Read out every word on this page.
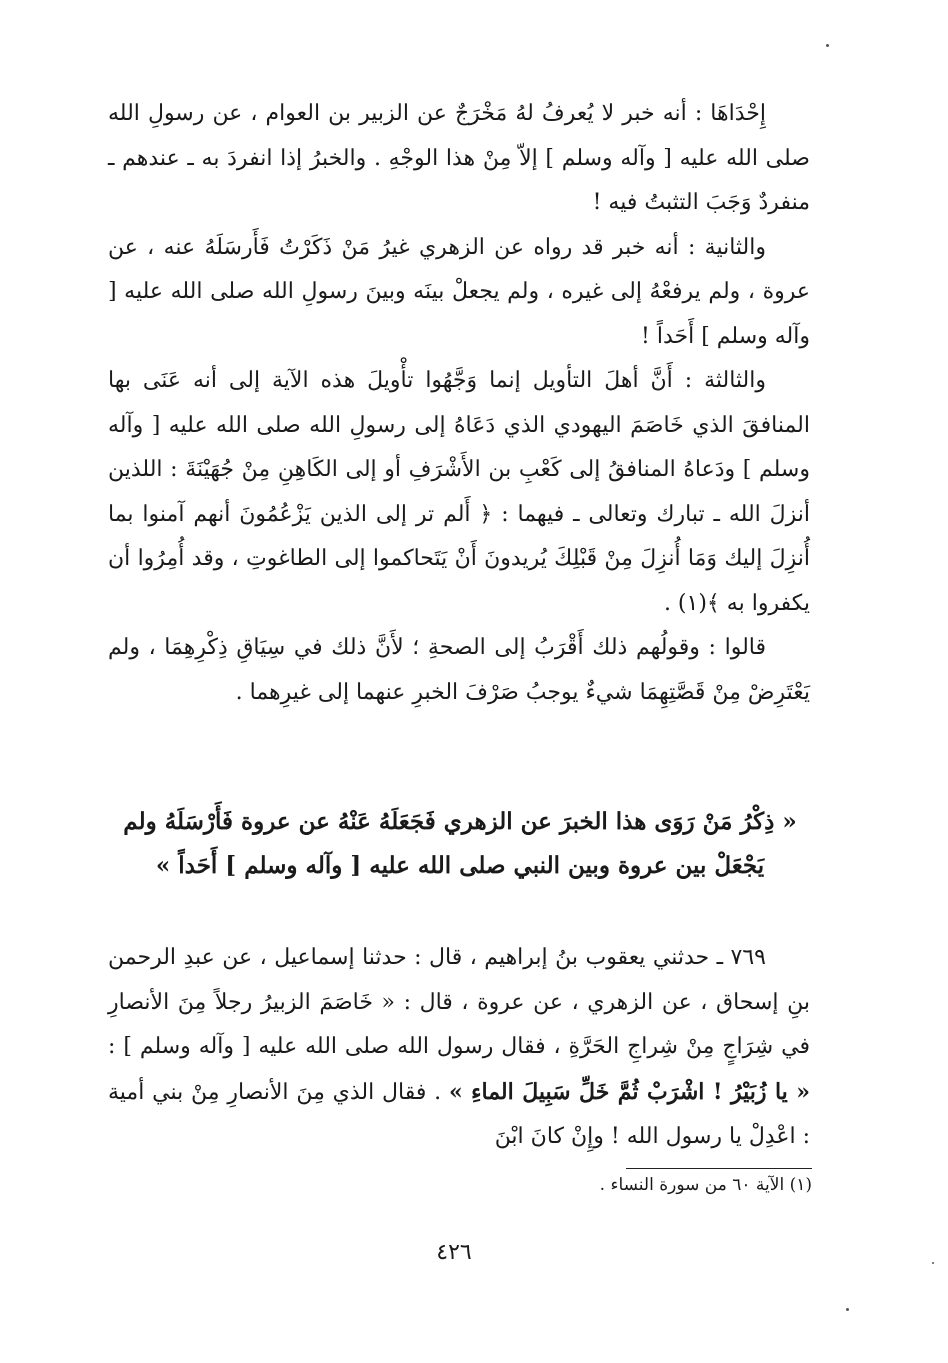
إِحْدَاهَا : أنه خبر لا يُعرفُ لهُ مَخْرَجٌ عن الزبير بن العوام ، عن رسولِ الله صلى الله عليه [ وآله وسلم ] إلاّ مِنْ هذا الوجْهِ . والخبرُ إذا انفردَ به ـ عندهم ـ منفردٌ وَجَبَ التثبتُ فيه !

والثانية : أنه خبر قد رواه عن الزهري غيرُ مَنْ ذَكَرْتُ فَأَرسَلَهُ عنه ، عن عروة ، ولم يرفعْهُ إلى غيره ، ولم يجعلْ بينَه وبينَ رسولِ الله صلى الله عليه [ وآله وسلم ] أَحَداً !

والثالثة : أَنَّ أهلَ التأويل إنما وَجَّهُوا تأْويلَ هذه الآية إلى أنه عَنَى بها المنافقَ الذي خَاصَمَ اليهودي الذي دَعَاهُ إلى رسولِ الله صلى الله عليه [ وآله وسلم ] ودَعاهُ المنافقُ إلى كَعْبِ بن الأَشْرَفِ أو إلى الكَاهِنِ مِنْ جُهَيْنَةَ : اللذين أنزلَ الله ـ تبارك وتعالى ـ فيهما : ﴿ أَلم تر إلى الذين يَزْعُمُونَ أنهم آمنوا بما أُنزِلَ إليك وَمَا أُنزِلَ مِنْ قَبْلِكَ يُريدونَ أَنْ يَتَحاكموا إلى الطاغوتِ ، وقد أُمِرُوا أن يكفروا به ﴾(١) .

قالوا : وقولُهم ذلك أَقْرَبُ إلى الصحةِ ؛ لأَنَّ ذلك في سِيَاقِ ذِكْرِهِمَا ، ولم يَعْتَرِضْ مِنْ قَصَّتِهِمَا شيءٌ يوجبُ صَرْفَ الخبرِ عنهما إلى غيرِهما .

« ذِكْرُ مَنْ رَوَى هذا الخبرَ عن الزهري فَجَعَلَهُ عَنْهُ عن عروة فَأَرْسَلَهُ ولم

يَجْعَلْ بين عروة وبين النبي صلى الله عليه [ وآله وسلم ] أَحَداً »

٧٦٩ ـ حدثني يعقوب بنُ إبراهيم ، قال : حدثنا إسماعيل ، عن عبدِ الرحمن بنِ إسحاق ، عن الزهري ، عن عروة ، قال : « خَاصَمَ الزبيرُ رجلاً مِنَ الأنصارِ في شِرَاجٍ مِنْ شِراجِ الحَرَّةِ ، فقال رسول الله صلى الله عليه [ وآله وسلم ] : « يا زُبَيْرُ ! اشْرَبْ ثُمَّ خَلِّ سَبِيلَ الماءِ » . فقال الذي مِنَ الأنصارِ مِنْ بني أمية : اعْدِلْ يا رسول الله ! وإِنْ كانَ ابْنَ

(١) الآية ٦٠ من سورة النساء .
٤٢٦
